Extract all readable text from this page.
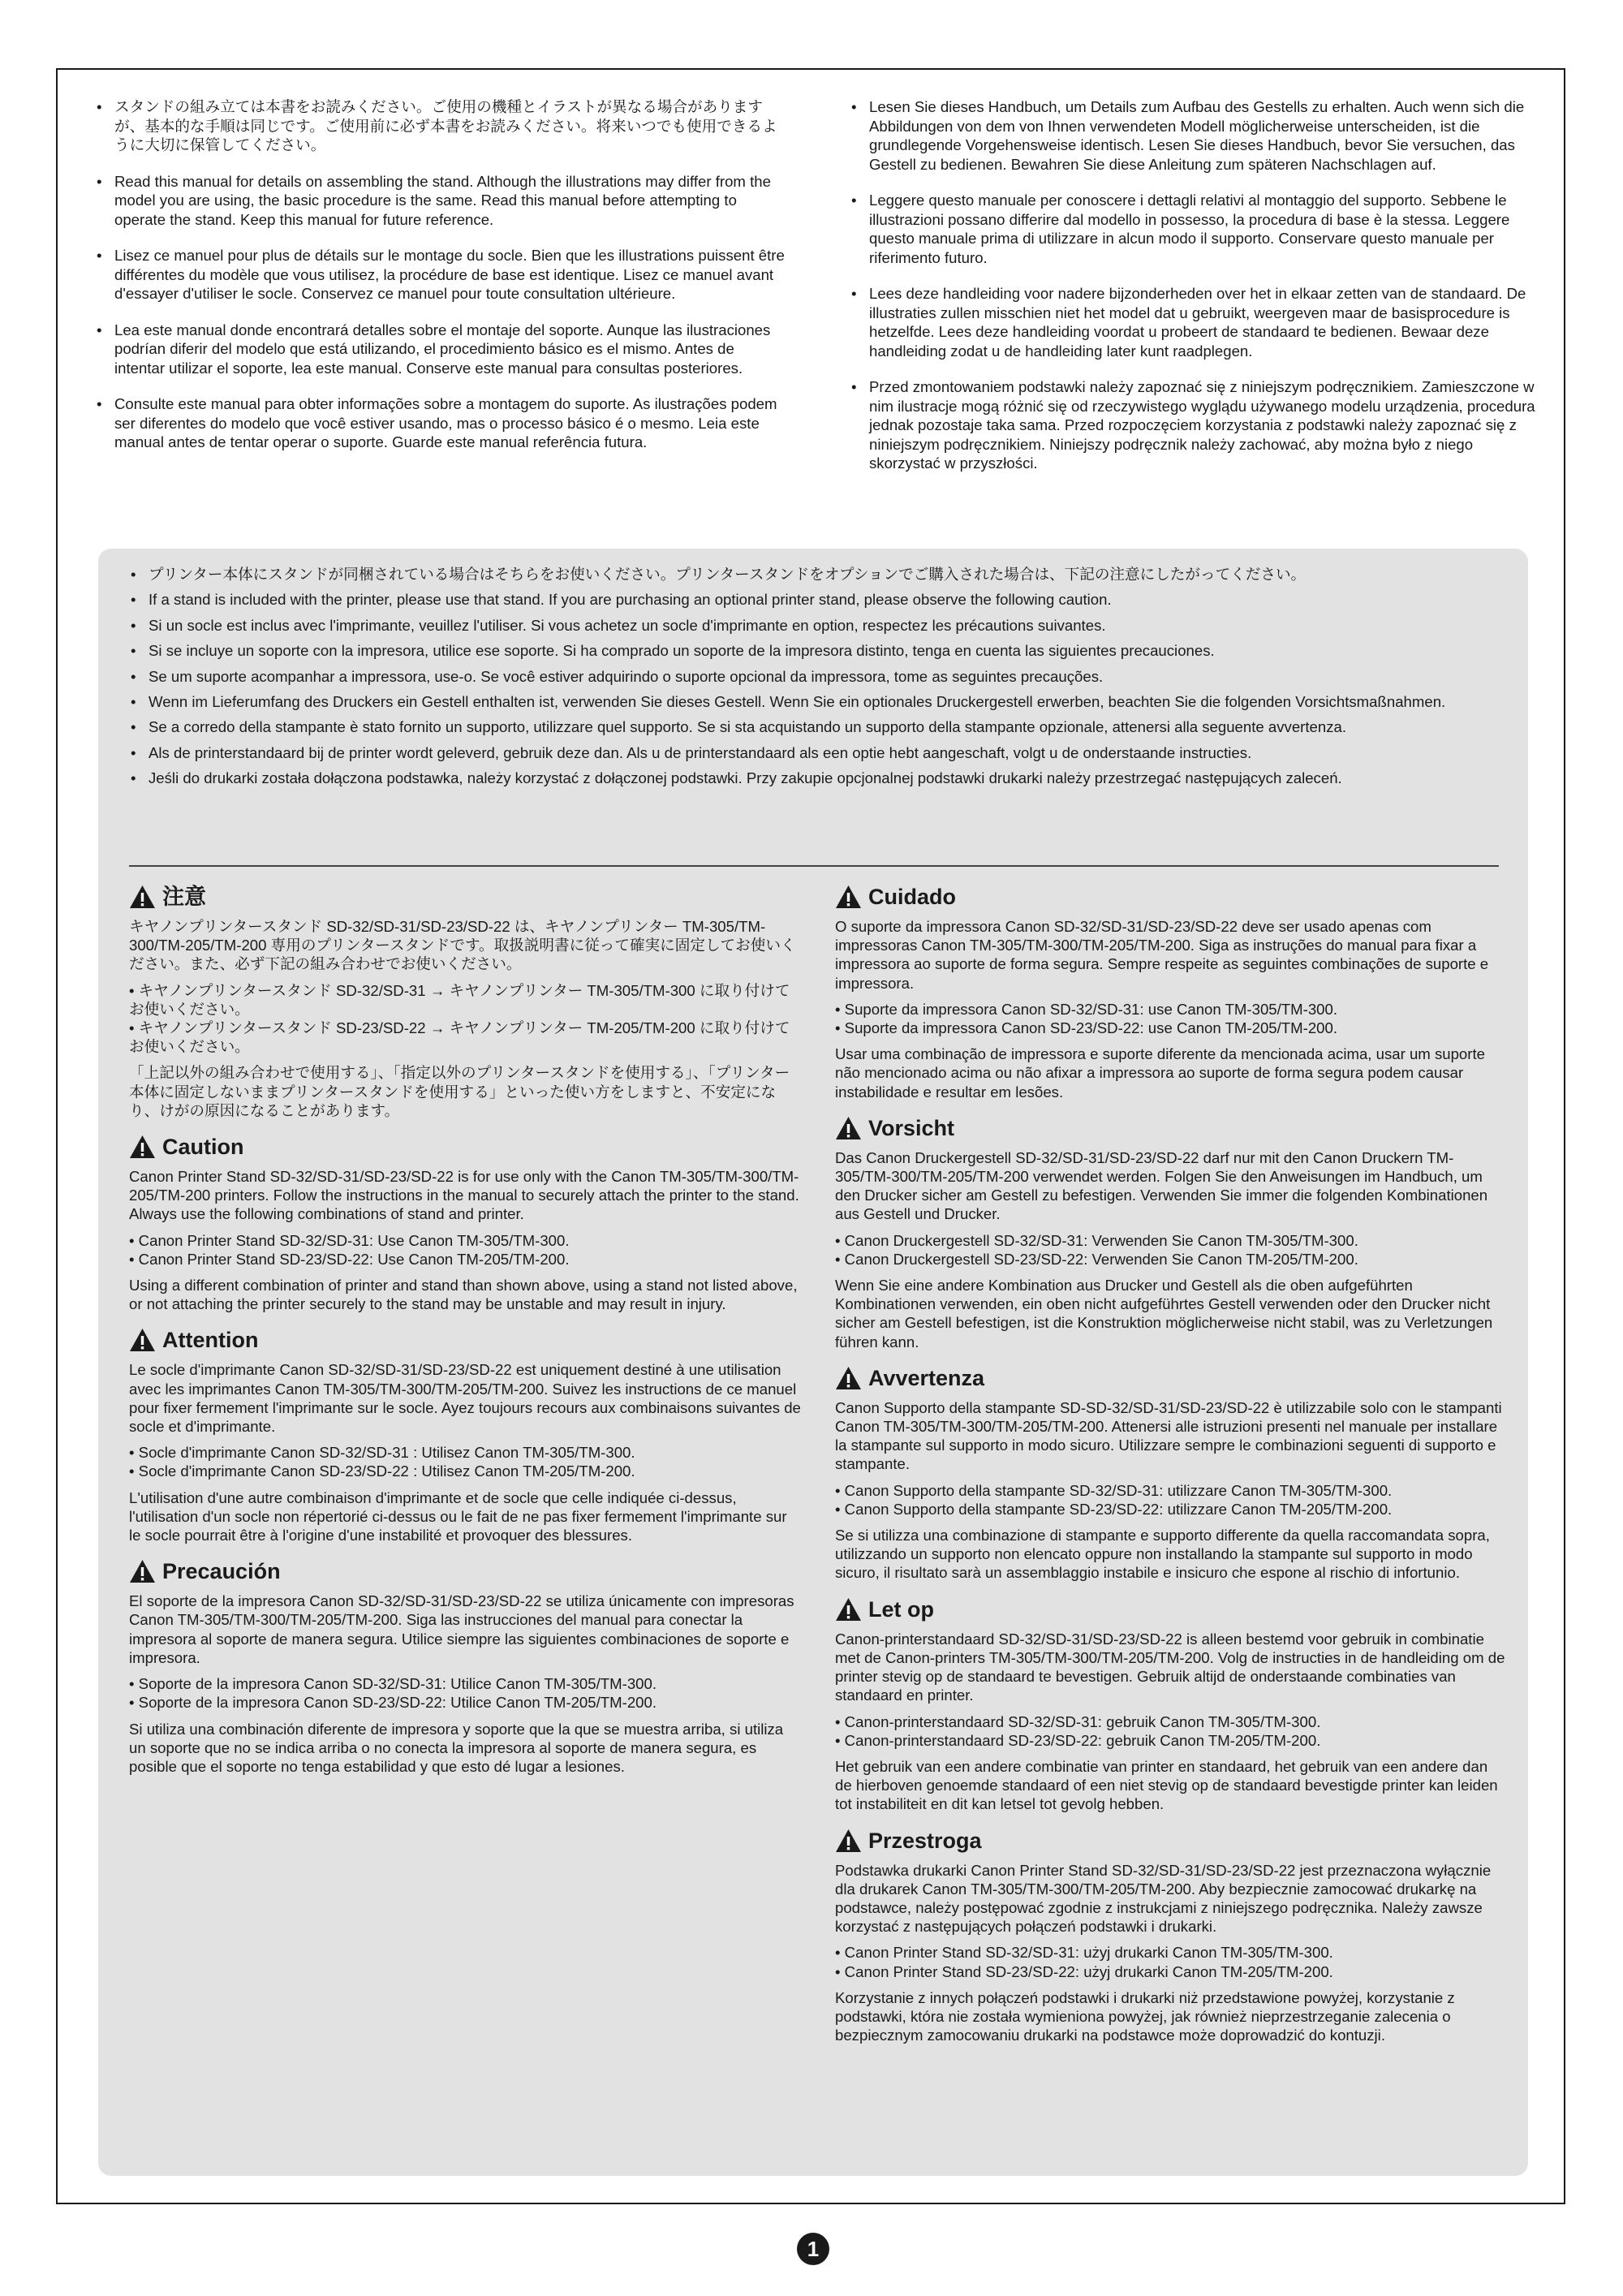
• スタンドの組み立ては本書をお読みください。ご使用の機種とイラストが異なる場合がありますが、基本的な手順は同じです。ご使用前に必ず本書をお読みください。将来いつでも使用できるように大切に保管してください。
• Read this manual for details on assembling the stand. Although the illustrations may differ from the model you are using, the basic procedure is the same. Read this manual before attempting to operate the stand. Keep this manual for future reference.
• Lisez ce manuel pour plus de détails sur le montage du socle. Bien que les illustrations puissent être différentes du modèle que vous utilisez, la procédure de base est identique. Lisez ce manuel avant d'essayer d'utiliser le socle. Conservez ce manuel pour toute consultation ultérieure.
• Lea este manual donde encontrará detalles sobre el montaje del soporte. Aunque las ilustraciones podrían diferir del modelo que está utilizando, el procedimiento básico es el mismo. Antes de intentar utilizar el soporte, lea este manual. Conserve este manual para consultas posteriores.
• Consulte este manual para obter informações sobre a montagem do suporte. As ilustrações podem ser diferentes do modelo que você estiver usando, mas o processo básico é o mesmo. Leia este manual antes de tentar operar o suporte. Guarde este manual referência futura.
• Lesen Sie dieses Handbuch, um Details zum Aufbau des Gestells zu erhalten. Auch wenn sich die Abbildungen von dem von Ihnen verwendeten Modell möglicherweise unterscheiden, ist die grundlegende Vorgehensweise identisch. Lesen Sie dieses Handbuch, bevor Sie versuchen, das Gestell zu bedienen. Bewahren Sie diese Anleitung zum späteren Nachschlagen auf.
• Leggere questo manuale per conoscere i dettagli relativi al montaggio del supporto. Sebbene le illustrazioni possano differire dal modello in possesso, la procedura di base è la stessa. Leggere questo manuale prima di utilizzare in alcun modo il supporto. Conservare questo manuale per riferimento futuro.
• Lees deze handleiding voor nadere bijzonderheden over het in elkaar zetten van de standaard. De illustraties zullen misschien niet het model dat u gebruikt, weergeven maar de basisprocedure is hetzelfde. Lees deze handleiding voordat u probeert de standaard te bedienen. Bewaar deze handleiding zodat u de handleiding later kunt raadplegen.
• Przed zmontowaniem podstawki należy zapoznać się z niniejszym podręcznikiem. Zamieszczone w nim ilustracje mogą różnić się od rzeczywistego wyglądu używanego modelu urządzenia, procedura jednak pozostaje taka sama. Przed rozpoczęciem korzystania z podstawki należy zapoznać się z niniejszym podręcznikiem. Niniejszy podręcznik należy zachować, aby można było z niego skorzystać w przyszłości.
• プリンター本体にスタンドが同梱されている場合はそちらをお使いください。プリンタースタンドをオプションでご購入された場合は、下記の注意にしたがってください。
• If a stand is included with the printer, please use that stand. If you are purchasing an optional printer stand, please observe the following caution.
• Si un socle est inclus avec l'imprimante, veuillez l'utiliser. Si vous achetez un socle d'imprimante en option, respectez les précautions suivantes.
• Si se incluye un soporte con la impresora, utilice ese soporte. Si ha comprado un soporte de la impresora distinto, tenga en cuenta las siguientes precauciones.
• Se um suporte acompanhar a impressora, use-o. Se você estiver adquirindo o suporte opcional da impressora, tome as seguintes precauções.
• Wenn im Lieferumfang des Druckers ein Gestell enthalten ist, verwenden Sie dieses Gestell. Wenn Sie ein optionales Druckergestell erwerben, beachten Sie die folgenden Vorsichtsmaßnahmen.
• Se a corredo della stampante è stato fornito un supporto, utilizzare quel supporto. Se si sta acquistando un supporto della stampante opzionale, attenersi alla seguente avvertenza.
• Als de printerstandaard bij de printer wordt geleverd, gebruik deze dan. Als u de printerstandaard als een optie hebt aangeschaft, volgt u de onderstaande instructies.
• Jeśli do drukarki została dołączona podstawka, należy korzystać z dołączonej podstawki. Przy zakupie opcjonalnej podstawki drukarki należy przestrzegać następujących zaleceń.
注意

キヤノンプリンタースタンド SD-32/SD-31/SD-23/SD-22 は、キヤノンプリンター TM-305/TM-300/TM-205/TM-200 専用のプリンタースタンドです。取扱説明書に従って確実に固定してお使いください。また、必ず下記の組み合わせでお使いください。

• キヤノンプリンタースタンド SD-32/SD-31 → キヤノンプリンター TM-305/TM-300 に取り付けてお使いください。
• キヤノンプリンタースタンド SD-23/SD-22 → キヤノンプリンター TM-205/TM-200 に取り付けてお使いください。

「上記以外の組み合わせで使用する」、「指定以外のプリンタースタンドを使用する」、「プリンター本体に固定しないままプリンタースタンドを使用する」といった使い方をしますと、不安定になり、けがの原因になることがあります。

Caution

Canon Printer Stand SD-32/SD-31/SD-23/SD-22 is for use only with the Canon TM-305/TM-300/TM-205/TM-200 printers. Follow the instructions in the manual to securely attach the printer to the stand. Always use the following combinations of stand and printer.

• Canon Printer Stand SD-32/SD-31: Use Canon TM-305/TM-300.
• Canon Printer Stand SD-23/SD-22: Use Canon TM-205/TM-200.

Using a different combination of printer and stand than shown above, using a stand not listed above, or not attaching the printer securely to the stand may be unstable and may result in injury.

Attention

Le socle d'imprimante Canon SD-32/SD-31/SD-23/SD-22 est uniquement destiné à une utilisation avec les imprimantes Canon TM-305/TM-300/TM-205/TM-200. Suivez les instructions de ce manuel pour fixer fermement l'imprimante sur le socle. Ayez toujours recours aux combinaisons suivantes de socle et d'imprimante.

• Socle d'imprimante Canon SD-32/SD-31 : Utilisez Canon TM-305/TM-300.
• Socle d'imprimante Canon SD-23/SD-22 : Utilisez Canon TM-205/TM-200.

L'utilisation d'une autre combinaison d'imprimante et de socle que celle indiquée ci-dessus, l'utilisation d'un socle non répertorié ci-dessus ou le fait de ne pas fixer fermement l'imprimante sur le socle pourrait être à l'origine d'une instabilité et provoquer des blessures.

Precaución

El soporte de la impresora Canon SD-32/SD-31/SD-23/SD-22 se utiliza únicamente con impresoras Canon TM-305/TM-300/TM-205/TM-200. Siga las instrucciones del manual para conectar la impresora al soporte de manera segura. Utilice siempre las siguientes combinaciones de soporte e impresora.

• Soporte de la impresora Canon SD-32/SD-31: Utilice Canon TM-305/TM-300.
• Soporte de la impresora Canon SD-23/SD-22: Utilice Canon TM-205/TM-200.

Si utiliza una combinación diferente de impresora y soporte que la que se muestra arriba, si utiliza un soporte que no se indica arriba o no conecta la impresora al soporte de manera segura, es posible que el soporte no tenga estabilidad y que esto dé lugar a lesiones.

Cuidado

O suporte da impressora Canon SD-32/SD-31/SD-23/SD-22 deve ser usado apenas com impressoras Canon TM-305/TM-300/TM-205/TM-200. Siga as instruções do manual para fixar a impressora ao suporte de forma segura. Sempre respeite as seguintes combinações de suporte e impressora.

• Suporte da impressora Canon SD-32/SD-31: use Canon TM-305/TM-300.
• Suporte da impressora Canon SD-23/SD-22: use Canon TM-205/TM-200.

Usar uma combinação de impressora e suporte diferente da mencionada acima, usar um suporte não mencionado acima ou não afixar a impressora ao suporte de forma segura podem causar instabilidade e resultar em lesões.

Vorsicht

Das Canon Druckergestell SD-32/SD-31/SD-23/SD-22 darf nur mit den Canon Druckern TM-305/TM-300/TM-205/TM-200 verwendet werden. Folgen Sie den Anweisungen im Handbuch, um den Drucker sicher am Gestell zu befestigen. Verwenden Sie immer die folgenden Kombinationen aus Gestell und Drucker.

• Canon Druckergestell SD-32/SD-31: Verwenden Sie Canon TM-305/TM-300.
• Canon Druckergestell SD-23/SD-22: Verwenden Sie Canon TM-205/TM-200.

Wenn Sie eine andere Kombination aus Drucker und Gestell als die oben aufgeführten Kombinationen verwenden, ein oben nicht aufgeführtes Gestell verwenden oder den Drucker nicht sicher am Gestell befestigen, ist die Konstruktion möglicherweise nicht stabil, was zu Verletzungen führen kann.

Avvertenza

Canon Supporto della stampante SD-SD-32/SD-31/SD-23/SD-22 è utilizzabile solo con le stampanti Canon TM-305/TM-300/TM-205/TM-200. Attenersi alle istruzioni presenti nel manuale per installare la stampante sul supporto in modo sicuro. Utilizzare sempre le combinazioni seguenti di supporto e stampante.

• Canon Supporto della stampante SD-32/SD-31: utilizzare Canon TM-305/TM-300.
• Canon Supporto della stampante SD-23/SD-22: utilizzare Canon TM-205/TM-200.

Se si utilizza una combinazione di stampante e supporto differente da quella raccomandata sopra, utilizzando un supporto non elencato oppure non installando la stampante sul supporto in modo sicuro, il risultato sarà un assemblaggio instabile e insicuro che espone al rischio di infortunio.

Let op

Canon-printerstandaard SD-32/SD-31/SD-23/SD-22 is alleen bestemd voor gebruik in combinatie met de Canon-printers TM-305/TM-300/TM-205/TM-200. Volg de instructies in de handleiding om de printer stevig op de standaard te bevestigen. Gebruik altijd de onderstaande combinaties van standaard en printer.

• Canon-printerstandaard SD-32/SD-31: gebruik Canon TM-305/TM-300.
• Canon-printerstandaard SD-23/SD-22: gebruik Canon TM-205/TM-200.

Het gebruik van een andere combinatie van printer en standaard, het gebruik van een andere dan de hierboven genoemde standaard of een niet stevig op de standaard bevestigde printer kan leiden tot instabiliteit en dit kan letsel tot gevolg hebben.

Przestroga

Podstawka drukarki Canon Printer Stand SD-32/SD-31/SD-23/SD-22 jest przeznaczona wyłącznie dla drukarek Canon TM-305/TM-300/TM-205/TM-200. Aby bezpiecznie zamocować drukarkę na podstawce, należy postępować zgodnie z instrukcjami z niniejszego podręcznika. Należy zawsze korzystać z następujących połączeń podstawki i drukarki.

• Canon Printer Stand SD-32/SD-31: użyj drukarki Canon TM-305/TM-300.
• Canon Printer Stand SD-23/SD-22: użyj drukarki Canon TM-205/TM-200.

Korzystanie z innych połączeń podstawki i drukarki niż przedstawione powyżej, korzystanie z podstawki, która nie została wymieniona powyżej, jak również nieprzestrzeganie zalecenia o bezpiecznym zamocowaniu drukarki na podstawce może doprowadzić do kontuzji.

1
